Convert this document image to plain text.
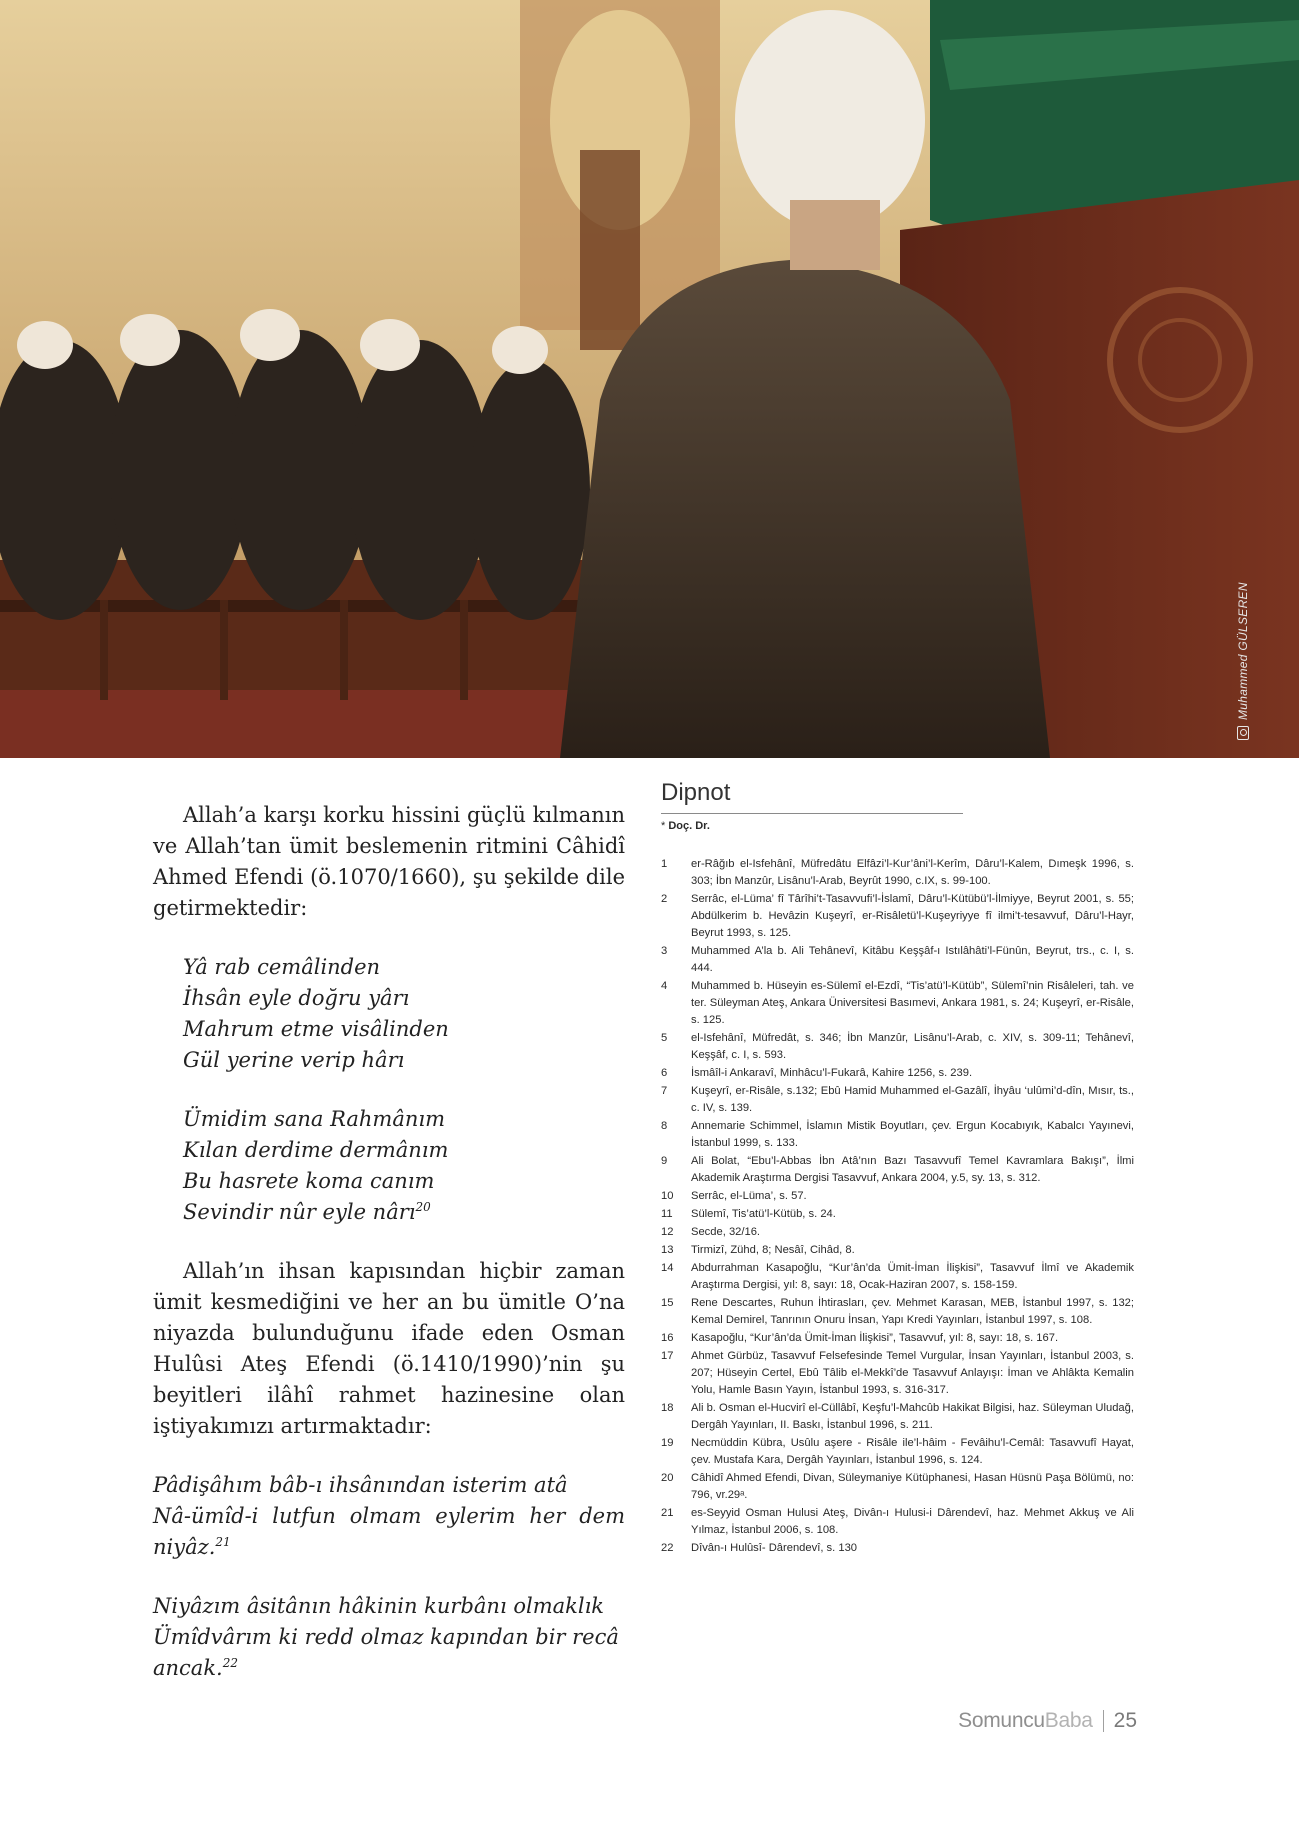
Muhammed GÜLSEREN

Allah’a karşı korku hissini güçlü kılmanın ve Allah’tan ümit beslemenin ritmini Câhidî Ahmed Efendi (ö.1070/1660), şu şekilde dile getirmektedir:

Yâ rab cemâlinden
İhsân eyle doğru yârı
Mahrum etme visâlinden
Gül yerine verip hârı
Ümidim sana Rahmânım
Kılan derdime dermânım
Bu hasrete koma canım
Sevindir nûr eyle nârı$^{20}$

Allah’ın ihsan kapısından hiçbir zaman ümit kesmediğini ve her an bu ümitle O’na niyazda bulunduğunu ifade eden Osman Hulûsi Ateş Efendi (ö.1410/1990)’nin şu beyitleri ilâhî rahmet hazinesine olan iştiyakımızı artırmaktadır:

Pâdişâhım bâb-ı ihsânından isterim atâ
Nâ-ümîd-i lutfun olmam eylerim her dem
niyâz.$^{21}$
Niyâzım âsitânın hâkinin kurbânı olmaklık
Ümîdvârım ki redd olmaz kapından bir recâ ancak.$^{22}$
Dipnot
* Doç. Dr.
1	er-Râğıb el-Isfehânî, Müfredâtu Elfâzi’l-Kur’âni’l-Kerîm, Dâru’l-Kalem, Dımeşk 1996, s. 303; İbn Manzûr, Lisânu’l-Arab, Beyrût 1990, c.IX, s. 99-100.
2	Serrâc, el-Lüma’ fî Târîhi’t-Tasavvufi’l-İslamî, Dâru’l-Kütübü’l-İlmiyye, Beyrut 2001, s. 55; Abdülkerim b. Hevâzin Kuşeyrî, er-Risâletü’l-Kuşeyriyye fî ilmi’t-tesavvuf, Dâru’l-Hayr, Beyrut 1993, s. 125.
3	Muhammed A’la b. Ali Tehânevî, Kitâbu Keşşâf-ı Istılâhâti’l-Fünûn, Beyrut, trs., c. I, s. 444.
4	Muhammed b. Hüseyin es-Sülemî el-Ezdî, “Tis’atü’l-Kütüb”, Sülemî’nin Risâleleri, tah. ve ter. Süleyman Ateş, Ankara Üniversitesi Basımevi, Ankara 1981, s. 24; Kuşeyrî, er-Risâle, s. 125.
5	el-Isfehânî, Müfredât, s. 346; İbn Manzûr, Lisânu’l-Arab, c. XIV, s. 309-11; Tehânevî, Keşşâf, c. I, s. 593.
6	İsmâîl-i Ankaravî, Minhâcu’l-Fukarâ, Kahire 1256, s. 239.
7	Kuşeyrî, er-Risâle, s.132; Ebû Hamid Muhammed el-Gazâlî, İhyâu ‘ulûmi’d-dîn, Mısır, ts., c. IV, s. 139.
8	Annemarie Schimmel, İslamın Mistik Boyutları, çev. Ergun Kocabıyık, Kabalcı Yayınevi, İstanbul 1999, s. 133.
9	Ali Bolat, “Ebu’l-Abbas İbn Atâ’nın Bazı Tasavvufî Temel Kavramlara Bakışı”, İlmi Akademik Araştırma Dergisi Tasavvuf, Ankara 2004, y.5, sy. 13, s. 312.
10	Serrâc, el-Lüma’, s. 57.
11	Sülemî, Tis’atü’l-Kütüb, s. 24.
12	Secde, 32/16.
13	Tirmizî, Zühd, 8; Nesâî, Cihâd, 8.
14	Abdurrahman Kasapoğlu, “Kur’ân’da Ümit-İman İlişkisi”, Tasavvuf İlmî ve Akademik Araştırma Dergisi, yıl: 8, sayı: 18, Ocak-Haziran 2007, s. 158-159.
15	Rene Descartes, Ruhun İhtirasları, çev. Mehmet Karasan, MEB, İstanbul 1997, s. 132; Kemal Demirel, Tanrının Onuru İnsan, Yapı Kredi Yayınları, İstanbul 1997, s. 108.
16	Kasapoğlu, “Kur’ân’da Ümit-İman İlişkisi”, Tasavvuf, yıl: 8, sayı: 18, s. 167.
17	Ahmet Gürbüz, Tasavvuf Felsefesinde Temel Vurgular, İnsan Yayınları, İstanbul 2003, s. 207; Hüseyin Certel, Ebû Tâlib el-Mekkî’de Tasavvuf Anlayışı: İman ve Ahlâkta Kemalin Yolu, Hamle Basın Yayın, İstanbul 1993, s. 316-317.
18	Ali b. Osman el-Hucvirî el-Cüllâbî, Keşfu’l-Mahcûb Hakikat Bilgisi, haz. Süleyman Uludağ, Dergâh Yayınları, II. Baskı, İstanbul 1996, s. 211.
19	Necmüddin Kübra, Usûlu aşere - Risâle ile’l-hâim - Fevâihu’l-Cemâl: Tasavvufî Hayat, çev. Mustafa Kara, Dergâh Yayınları, İstanbul 1996, s. 124.
20	Câhidî Ahmed Efendi, Divan, Süleymaniye Kütüphanesi, Hasan Hüsnü Paşa Bölümü, no: 796, vr.29ᵃ.
21	es-Seyyid Osman Hulusi Ateş, Divân-ı Hulusi-i Dârendevî, haz. Mehmet Akkuş ve Ali Yılmaz, İstanbul 2006, s. 108.
22	Dîvân-ı Hulûsî- Dârendevî, s. 130
SomuncuBaba 25
